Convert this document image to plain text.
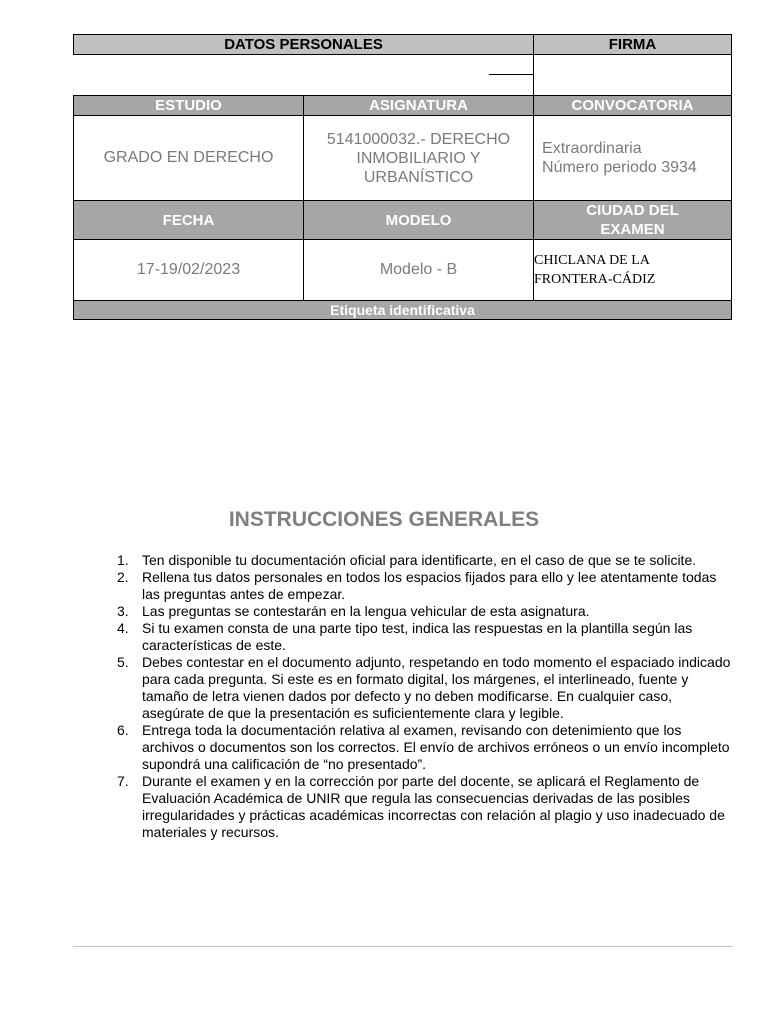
DATOS PERSONALES		FIRMA

ESTUDIO	ASIGNATURA	CONVOCATORIA
GRADO EN DERECHO	5141000032.- DERECHO INMOBILIARIO Y URBANÍSTICO	Extraordinaria
Número periodo 3934

FECHA	MODELO	CIUDAD DEL EXAMEN
17-19/02/2023	Modelo - B	CHICLANA DE LA FRONTERA-CÁDIZ
Etiqueta identificativa		
INSTRUCCIONES GENERALES
1. Ten disponible tu documentación oficial para identificarte, en el caso de que se te solicite.
2. Rellena tus datos personales en todos los espacios fijados para ello y lee atentamente todas las preguntas antes de empezar.
3. Las preguntas se contestarán en la lengua vehicular de esta asignatura.
4. Si tu examen consta de una parte tipo test, indica las respuestas en la plantilla según las características de este.
5. Debes contestar en el documento adjunto, respetando en todo momento el espaciado indicado para cada pregunta. Si este es en formato digital, los márgenes, el interlineado, fuente y tamaño de letra vienen dados por defecto y no deben modificarse. En cualquier caso, asegúrate de que la presentación es suficientemente clara y legible.
6. Entrega toda la documentación relativa al examen, revisando con detenimiento que los archivos o documentos son los correctos. El envío de archivos erróneos o un envío incompleto supondrá una calificación de “no presentado”.
7. Durante el examen y en la corrección por parte del docente, se aplicará el Reglamento de Evaluación Académica de UNIR que regula las consecuencias derivadas de las posibles irregularidades y prácticas académicas incorrectas con relación al plagio y uso inadecuado de materiales y recursos.
